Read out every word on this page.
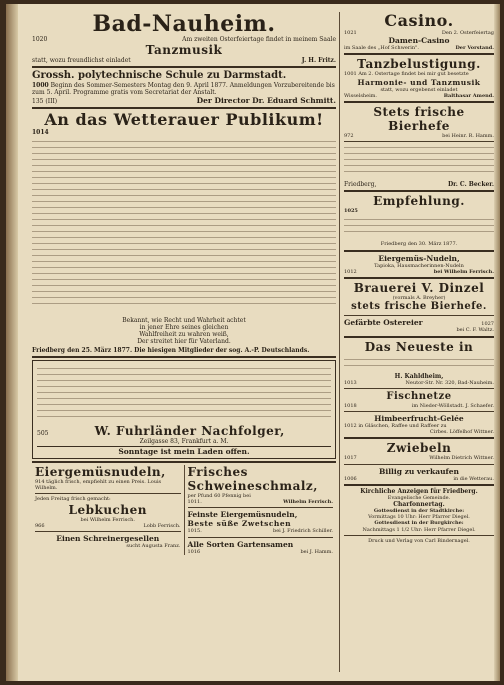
Bad-Nauheim.
1020	Am zweiten Osterfeiertage findet in meinem Saale
Tanzmusik
statt, wozu freundlichst einladet	J. H. Fritz.
Grossh. polytechnische Schule zu Darmstadt.
1000 Beginn des Sommer-Semesters Montag den 9. April 1877. Anmeldungen Vorzubereitende bis zum 5. April. Programme gratis vom Secretariat der Anstalt.
135 (III)	Der Director Dr. Eduard Schmitt.
An das Wetterauer Publikum!
1014
Bekannt, wie Recht und Wahrheit achtet
in jener Ehre seines gleichen
Wahlfreiheit zu wahren weiß,
Der streitet hier für Vaterland.
Friedberg den 25. März 1877. Die hiesigen Mitglieder der sog. A.-P. Deutschlands.
505	W. Fuhrländer Nachfolger,
Zeilgasse 83, Frankfurt a. M.
Sonntage ist mein Laden offen.
Eiergemüsnudeln,
914 täglich frisch, empfiehlt zu einen Preis. Louis Wilhelm.
Jeden Freitag frisch gemacht:
Lebkuchen
bei Wilhelm Ferrisch.
966	Lobb Ferrisch.
Einen Schreinergesellen
sucht Augusta Franz.
Frisches Schweineschmalz,
per Pfund 60 Pfennig bei
1011.	Wilhelm Ferrisch.
Feinste Eiergemüsnudeln,
Beste süße Zwetschen
1015.	bei J. Friedrich Schiller.
Alle Sorten Gartensamen
1016	bei J. Hamm.
Casino.
1021	Den 2. Osterfeiertag
Damen-Casino
im Saale des „Hof Schwerin".	Der Vorstand.
Tanzbelustigung.
1001 Am 2. Ostertage findet bei mir gut besetzte
Harmonie- und Tanzmusik
statt, wozu ergebenst einladet
Wisselsheim.	Balthasar Amend.
Stets frische Bierhefe
972	bei Heinr. R. Hamm.
Friedberg,	Dr. C. Becker.
Empfehlung.
1025
Friedberg den 30. März 1877.
Eiergemüs-Nudeln,
Tapioka, Hausmacherinnen-Nudeln
1012	bei Wilhelm Ferrisch.
Brauerei V. Dinzel
(vormals A. Breyher)
stets frische Bierhefe.
Gefärbte Ostereier	1027
bei C. F. Waltz.
Das Neueste in
H. Kahldheim,
1013	Neutor-Str. Nr. 320, Bad-Nauheim.
Fischnetze
1018	im Nieder-Wöllstadt. J. Schaefer.
Himbeerfrucht-Gelée
1012 in Gläschen, Raffee und Raffeer zu
Cirbes. Löffelhof Wittner.
Zwiebeln
1017	Wilhelm Dietrich Wittner.
Billig zu verkaufen
1006	in die Wetterau.
Kirchliche Anzeigen für Friedberg.
Evangelische Gemeinde.
Charfonnertag.
Gottesdienst in der Stadtkirche:
Vormittags 10 Uhr: Herr Pfarrer Diegel.
Gottesdienst in der Burgkirche:
Nachmittags 1 1/2 Uhr: Herr Pfarrer Diegel.
Druck und Verlag von Carl Bindernagel.
